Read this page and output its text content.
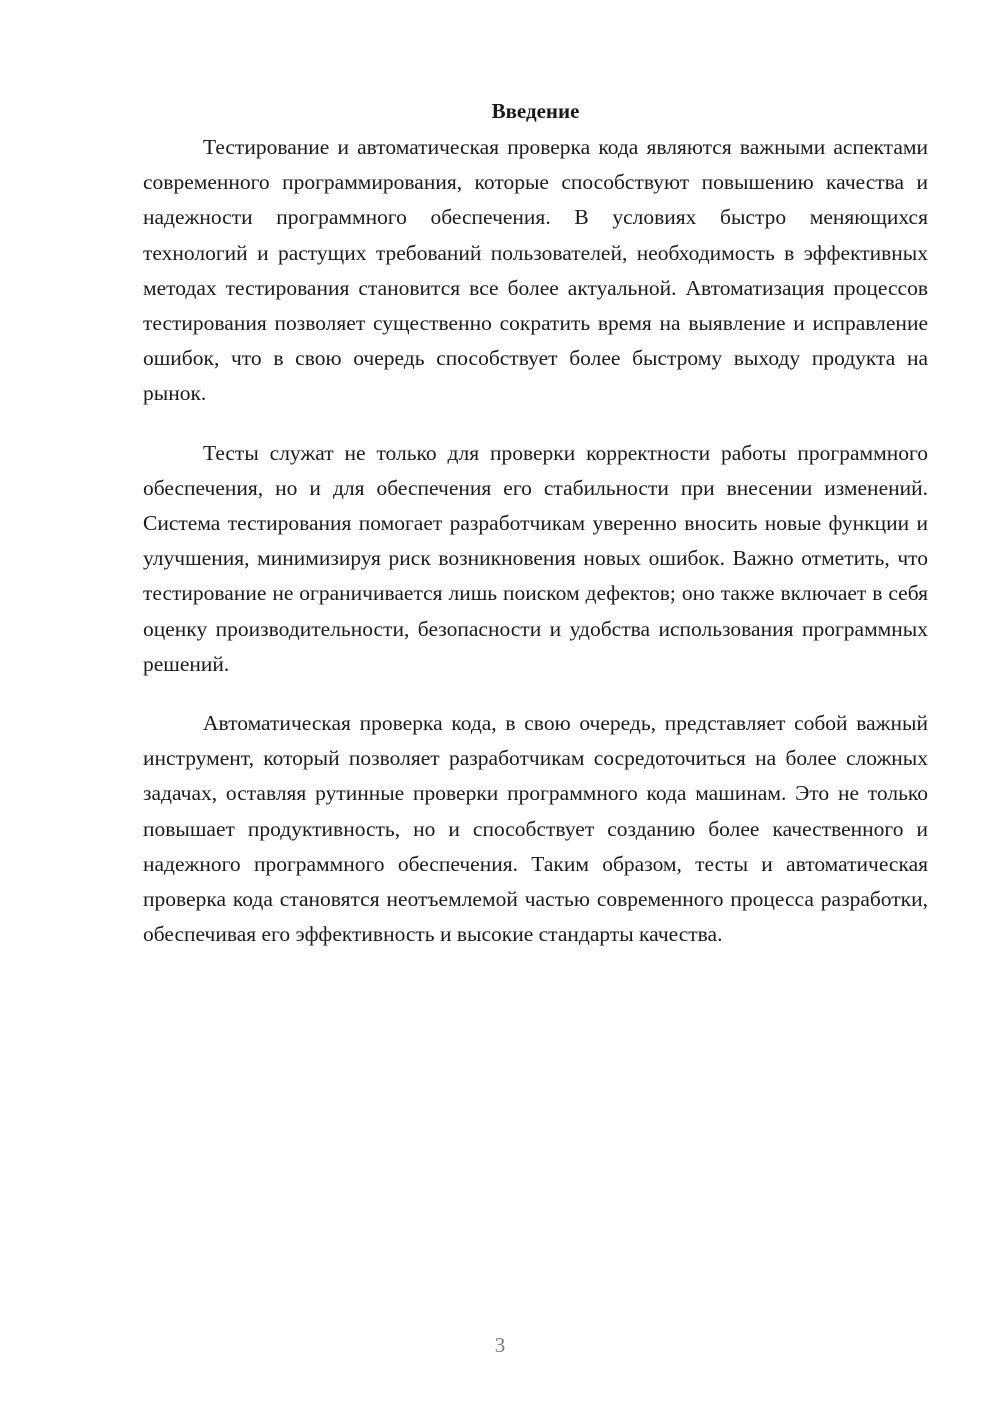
Введение

Тестирование и автоматическая проверка кода являются важными аспектами современного программирования, которые способствуют повышению качества и надежности программного обеспечения. В условиях быстро меняющихся технологий и растущих требований пользователей, необходимость в эффективных методах тестирования становится все более актуальной. Автоматизация процессов тестирования позволяет существенно сократить время на выявление и исправление ошибок, что в свою очередь способствует более быстрому выходу продукта на рынок.

Тесты служат не только для проверки корректности работы программного обеспечения, но и для обеспечения его стабильности при внесении изменений. Система тестирования помогает разработчикам уверенно вносить новые функции и улучшения, минимизируя риск возникновения новых ошибок. Важно отметить, что тестирование не ограничивается лишь поиском дефектов; оно также включает в себя оценку производительности, безопасности и удобства использования программных решений.

Автоматическая проверка кода, в свою очередь, представляет собой важный инструмент, который позволяет разработчикам сосредоточиться на более сложных задачах, оставляя рутинные проверки программного кода машинам. Это не только повышает продуктивность, но и способствует созданию более качественного и надежного программного обеспечения. Таким образом, тесты и автоматическая проверка кода становятся неотъемлемой частью современного процесса разработки, обеспечивая его эффективность и высокие стандарты качества.

3
